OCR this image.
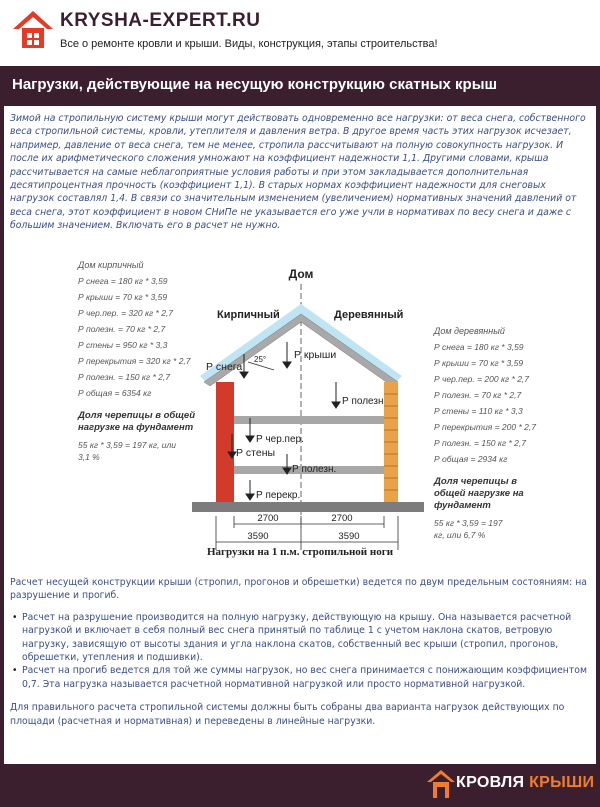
KRYSHA-EXPERT.RU
Все о ремонте кровли и крыши. Виды, конструкция, этапы строительства!
Нагрузки, действующие на несущую конструкцию скатных крыш
Зимой на стропильную систему крыши могут действовать одновременно все нагрузки: от веса снега, собственного веса стропильной системы, кровли, утеплителя и давления ветра. В другое время часть этих нагрузок исчезает, например, давление от веса снега, тем не менее, стропила рассчитывают на полную совокупность нагрузок. И после их арифметического сложения умножают на коэффициент надежности 1,1. Другими словами, крыша рассчитывается на самые неблагоприятные условия работы и при этом закладывается дополнительная десятипроцентная прочность (коэффициент 1,1). В старых нормах коэффициент надежности для снеговых нагрузок составлял 1,4. В связи со значительным изменением (увеличением) нормативных значений давлений от веса снега, этот коэффициент в новом СНиПе не указывается его уже учли в нормативах по весу снега и даже с большим значением. Включать его в расчет не нужно.
Дом кирпичный
Р снега = 180 кг * 3,59
Р крыши = 70 кг * 3,59
Р чер.пер. = 320 кг * 2,7
Р полезн. = 70 кг * 2,7
Р стены = 950 кг * 3,3
Р перекрытия = 320 кг * 2,7
Р полезн. = 150 кг * 2,7
Р общая = 6354 кг
Доля черепицы в общей нагрузке на фундамент
55 кг * 3,59 = 197 кг, или 3,1 %
Дом
Кирпичный	Деревянный
25°
Р снега
Р крыши
Р чер.пер.
Р стены
Р полезн.
Р перекр.
Р полезн
2700	2700
3590	3590
Дом деревянный
Р снега = 180 кг * 3,59
Р крыши = 70 кг * 3,59
Р чер.пер. = 200 кг * 2,7
Р полезн. = 70 кг * 2,7
Р стены = 110 кг * 3,3
Р перекрытия = 200 * 2,7
Р полезн. = 150 кг * 2,7
Р общая = 2934 кг
Доля черепицы в общей нагрузке на фундамент
55 кг * 3,59 = 197 кг, или 6,7 %
Нагрузки на 1 п.м. стропильной ноги

Расчет несущей конструкции крыши (стропил, прогонов и обрешетки) ведется по двум предельным состояниям: на разрушение и прогиб.

• Расчет на разрушение производится на полную нагрузку, действующую на крышу. Она называется расчетной нагрузкой и включает в себя полный вес снега принятый по таблице 1 с учетом наклона скатов, ветровую нагрузку, зависящую от высоты здания и угла наклона скатов, собственный вес крыши (стропил, прогонов, обрешетки, утепления и подшивки).
• Расчет на прогиб ведется для той же суммы нагрузок, но вес снега принимается с понижающим коэффициентом 0,7. Эта нагрузка называется расчетной нормативной нагрузкой или просто нормативной нагрузкой.

Для правильного расчета стропильной системы должны быть собраны два варианта нагрузок действующих по площади (расчетная и нормативная) и переведены в линейные нагрузки.

КРОВЛЯ КРЫШИ
